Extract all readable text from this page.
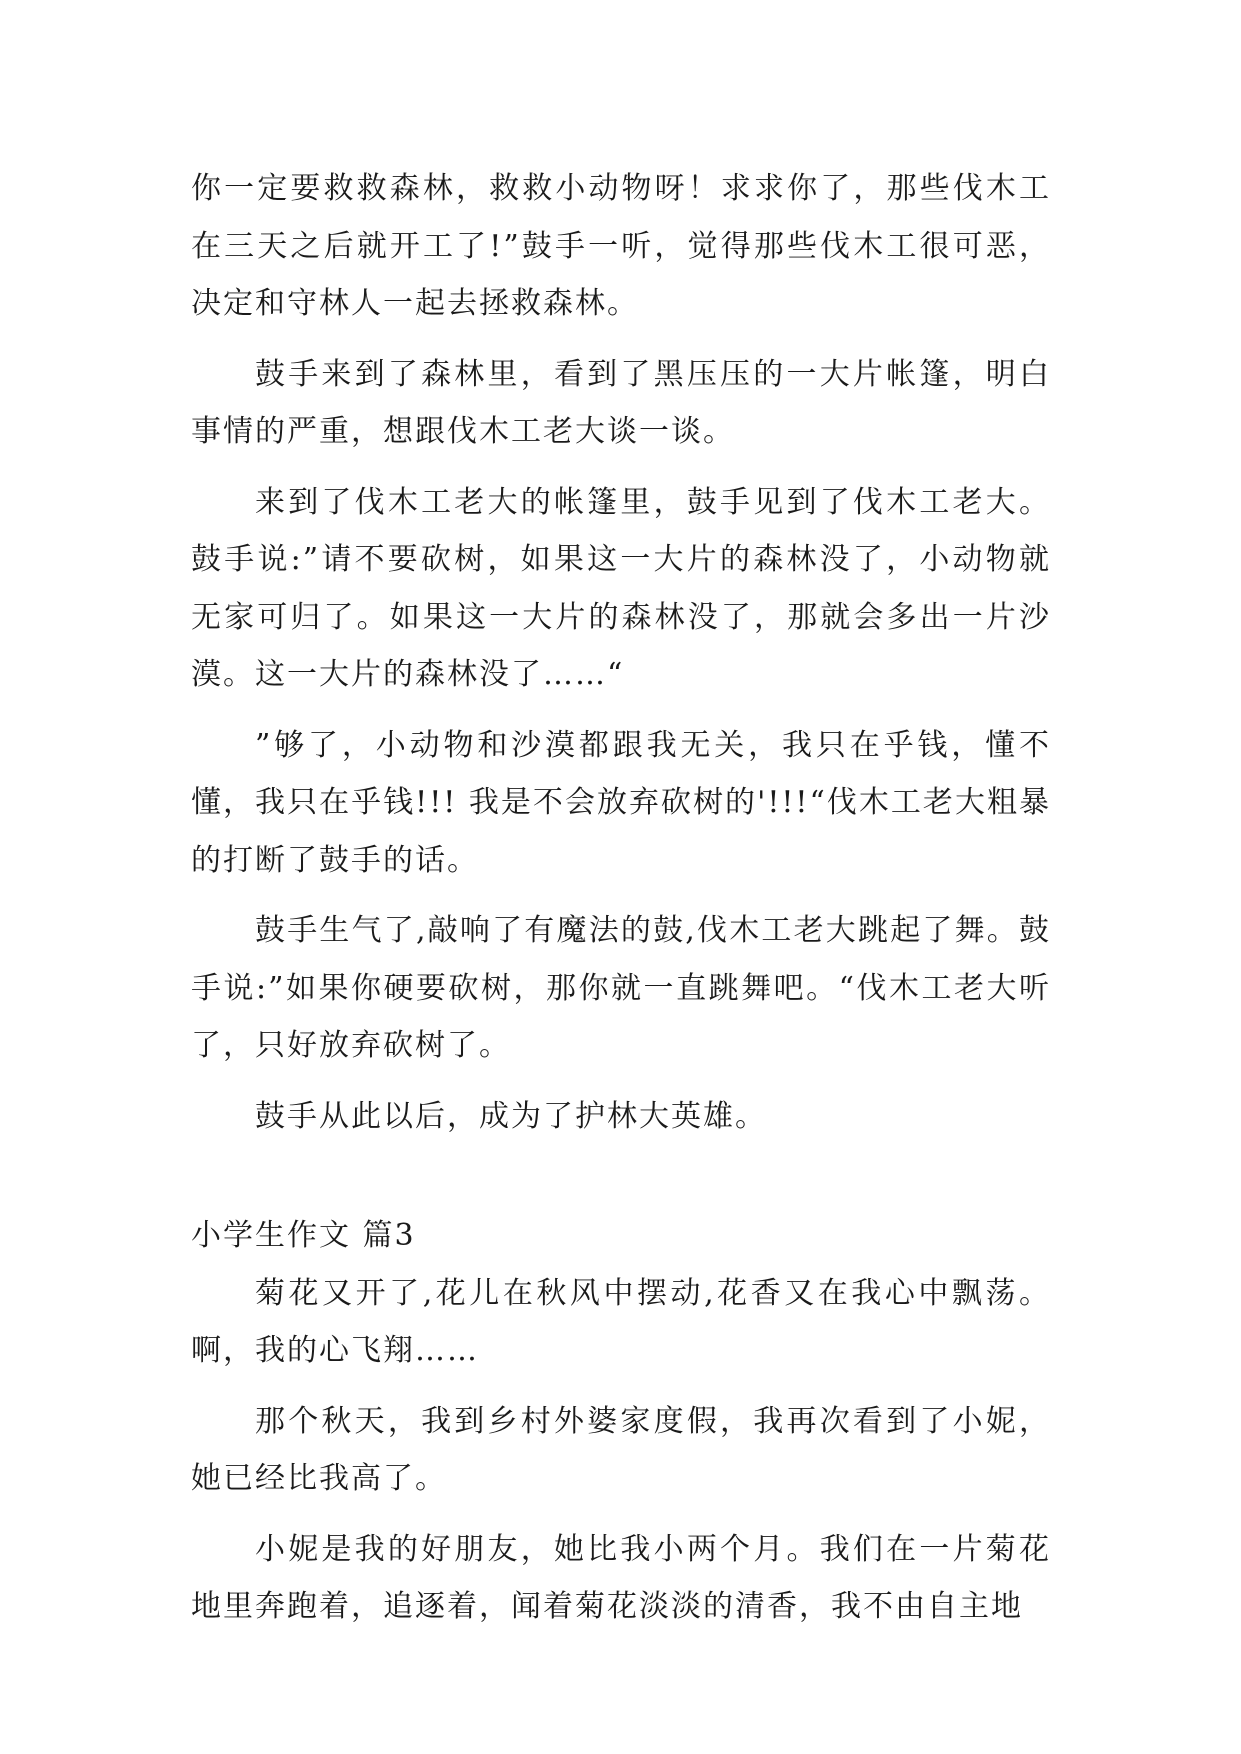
你一定要救救森林，救救小动物呀！求求你了，那些伐木工在三天之后就开工了!”鼓手一听，觉得那些伐木工很可恶，决定和守林人一起去拯救森林。

鼓手来到了森林里，看到了黑压压的一大片帐篷，明白事情的严重，想跟伐木工老大谈一谈。

来到了伐木工老大的帐篷里，鼓手见到了伐木工老大。鼓手说:”请不要砍树，如果这一大片的森林没了，小动物就无家可归了。如果这一大片的森林没了，那就会多出一片沙漠。这一大片的森林没了……“

”够了，小动物和沙漠都跟我无关，我只在乎钱，懂不懂，我只在乎钱!!! 我是不会放弃砍树的'!!!“伐木工老大粗暴的打断了鼓手的话。

鼓手生气了,敲响了有魔法的鼓,伐木工老大跳起了舞。鼓手说:”如果你硬要砍树，那你就一直跳舞吧。“伐木工老大听了，只好放弃砍树了。

鼓手从此以后，成为了护林大英雄。

小学生作文 篇3

菊花又开了,花儿在秋风中摆动,花香又在我心中飘荡。啊，我的心飞翔……

那个秋天，我到乡村外婆家度假，我再次看到了小妮，她已经比我高了。

小妮是我的好朋友，她比我小两个月。我们在一片菊花地里奔跑着，追逐着，闻着菊花淡淡的清香，我不由自主地
